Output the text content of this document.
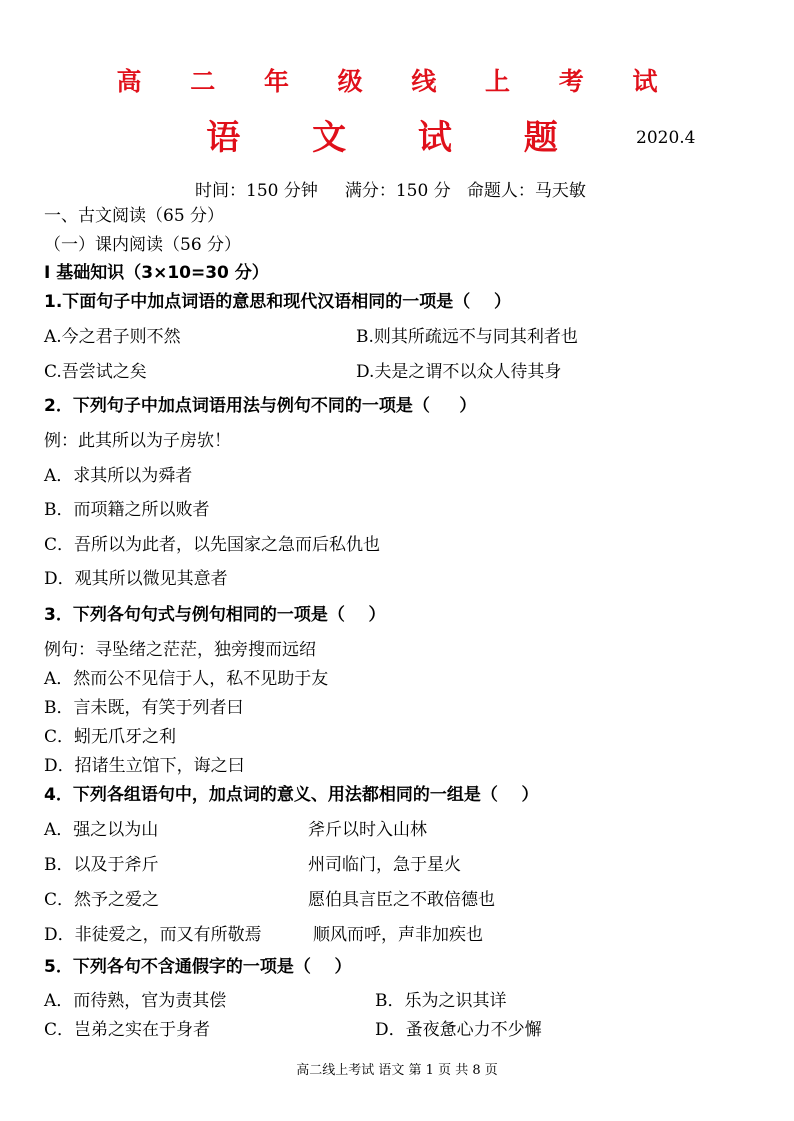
高 二 年 级 线 上 考 试
语 文 试 题	2020.4
时间：150 分钟     满分：150 分   命题人：马天敏
一、古文阅读（65 分）
（一）课内阅读（56 分）
Ⅰ 基础知识（3×10=30 分）
1.下面句子中加点词语的意思和现代汉语相同的一项是（    ）
A.今之君子则不然	B.则其所疏远不与同其利者也
C.吾尝试之矣	D.夫是之谓不以众人待其身
2．下列句子中加点词语用法与例句不同的一项是（     ）
例：此其所以为子房欤！
A．求其所以为舜者
B．而项籍之所以败者
C．吾所以为此者，以先国家之急而后私仇也
D．观其所以微见其意者
3．下列各句句式与例句相同的一项是（    ）
例句：寻坠绪之茫茫，独旁搜而远绍
A．然而公不见信于人，私不见助于友
B．言未既，有笑于列者曰
C．蚓无爪牙之利
D．招诸生立馆下，诲之曰
4．下列各组语句中，加点词的意义、用法都相同的一组是（    ）
A．强之以为山	斧斤以时入山林
B．以及于斧斤	州司临门，急于星火
C．然予之爱之	愿伯具言臣之不敢倍德也
D．非徒爱之，而又有所敬焉	顺风而呼，声非加疾也
5．下列各句不含通假字的一项是（    ）
A．而待熟，官为责其偿	B．乐为之识其详
C．岂弟之实在于身者	D．蚤夜惫心力不少懈
高二线上考试 语文 第 1 页 共 8 页
